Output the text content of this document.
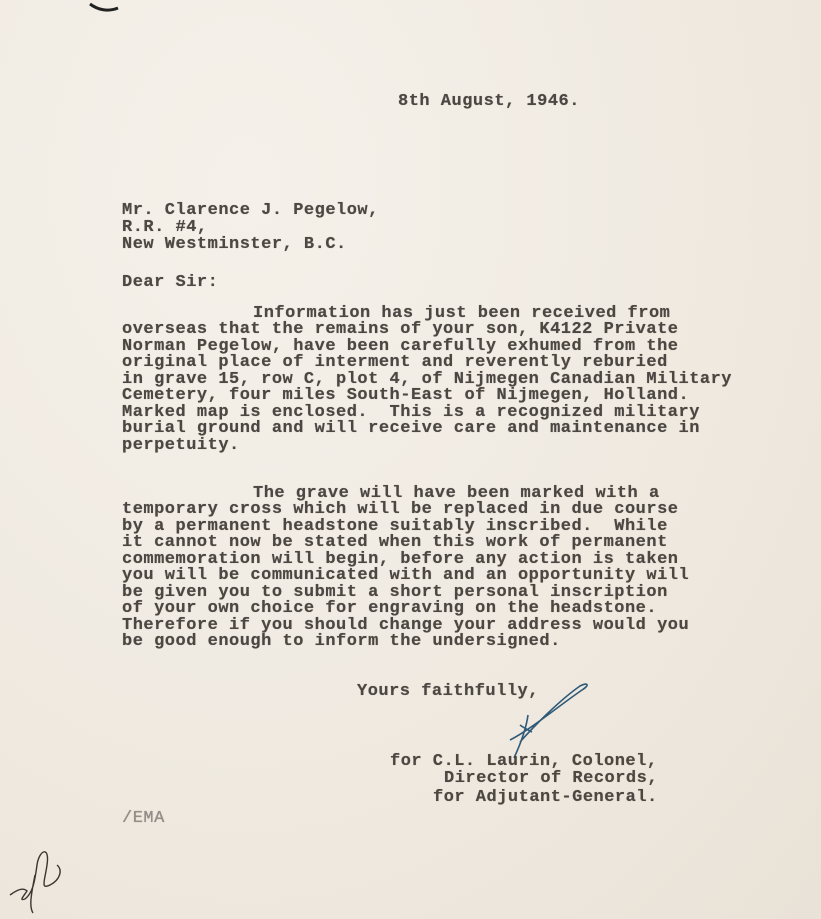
8th August, 1946.
Mr. Clarence J. Pegelow,
R.R. #4,
New Westminster, B.C.
Dear Sir:
Information has just been received from
overseas that the remains of your son, K4122 Private
Norman Pegelow, have been carefully exhumed from the
original place of interment and reverently reburied
in grave 15, row C, plot 4, of Nijmegen Canadian Military
Cemetery, four miles South-East of Nijmegen, Holland.
Marked map is enclosed.  This is a recognized military
burial ground and will receive care and maintenance in
perpetuity.
The grave will have been marked with a
temporary cross which will be replaced in due course
by a permanent headstone suitably inscribed.  While
it cannot now be stated when this work of permanent
commemoration will begin, before any action is taken
you will be communicated with and an opportunity will
be given you to submit a short personal inscription
of your own choice for engraving on the headstone.
Therefore if you should change your address would you
be good enough to inform the undersigned.
Yours faithfully,
for C.L. Laurin, Colonel,
Director of Records,
for Adjutant-General.
/EMA
